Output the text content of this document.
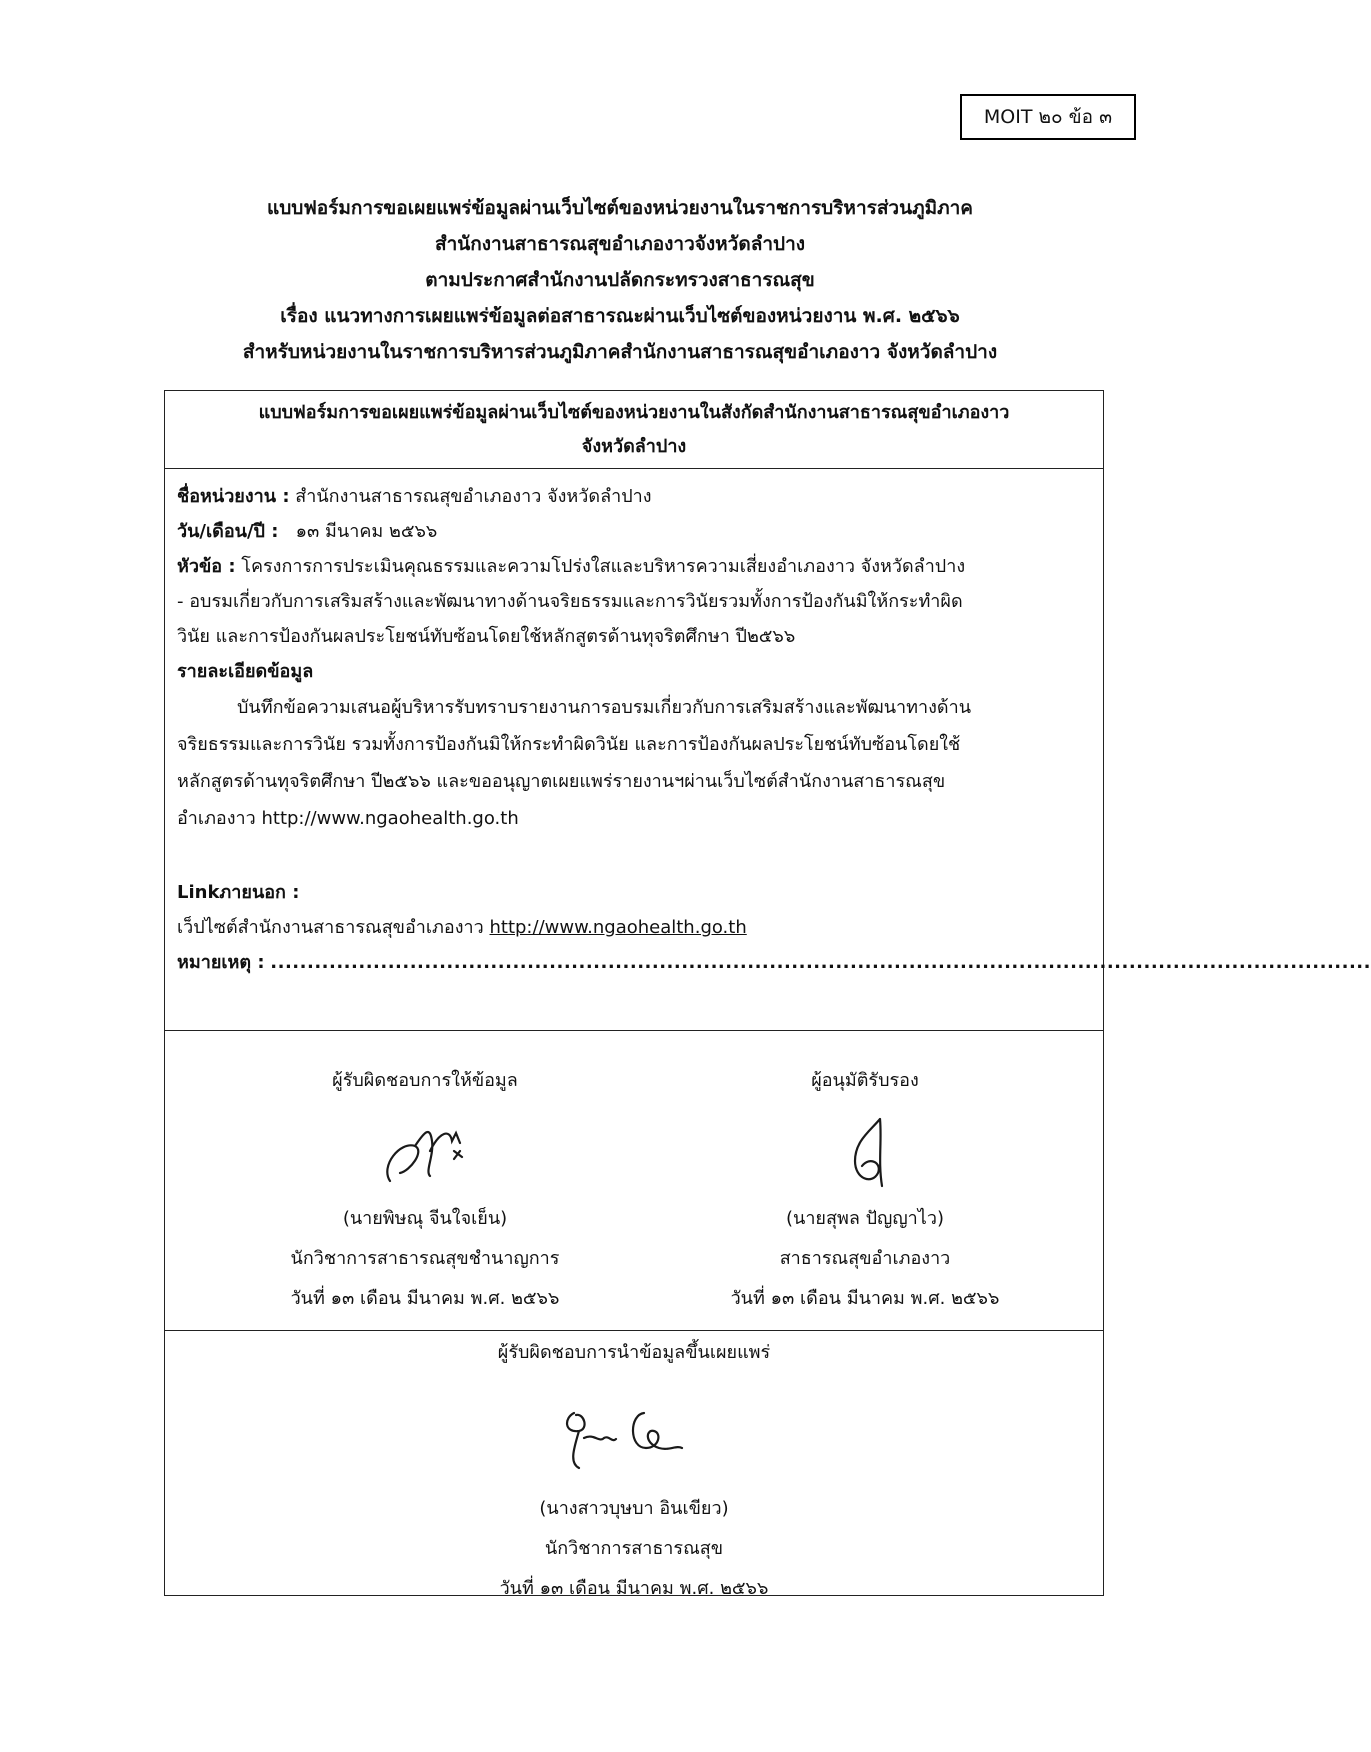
MOIT ๒๐ ข้อ ๓
แบบฟอร์มการขอเผยแพร่ข้อมูลผ่านเว็บไซต์ของหน่วยงานในราชการบริหารส่วนภูมิภาค
สำนักงานสาธารณสุขอำเภองาวจังหวัดลำปาง
ตามประกาศสำนักงานปลัดกระทรวงสาธารณสุข
เรื่อง แนวทางการเผยแพร่ข้อมูลต่อสาธารณะผ่านเว็บไซต์ของหน่วยงาน พ.ศ. ๒๕๖๖
สำหรับหน่วยงานในราชการบริหารส่วนภูมิภาคสำนักงานสาธารณสุขอำเภองาว จังหวัดลำปาง
แบบฟอร์มการขอเผยแพร่ข้อมูลผ่านเว็บไซต์ของหน่วยงานในสังกัดสำนักงานสาธารณสุขอำเภองาว
จังหวัดลำปาง
ชื่อหน่วยงาน : สำนักงานสาธารณสุขอำเภองาว จังหวัดลำปาง
วัน/เดือน/ปี : ๑๓ มีนาคม ๒๕๖๖
หัวข้อ : โครงการการประเมินคุณธรรมและความโปร่งใสและบริหารความเสี่ยงอำเภองาว จังหวัดลำปาง
- อบรมเกี่ยวกับการเสริมสร้างและพัฒนาทางด้านจริยธรรมและการวินัยรวมทั้งการป้องกันมิให้กระทำผิด
วินัย และการป้องกันผลประโยชน์ทับซ้อนโดยใช้หลักสูตรด้านทุจริตศึกษา ปี๒๕๖๖
รายละเอียดข้อมูล
บันทึกข้อความเสนอผู้บริหารรับทราบรายงานการอบรมเกี่ยวกับการเสริมสร้างและพัฒนาทางด้าน
จริยธรรมและการวินัย รวมทั้งการป้องกันมิให้กระทำผิดวินัย และการป้องกันผลประโยชน์ทับซ้อนโดยใช้
หลักสูตรด้านทุจริตศึกษา ปี๒๕๖๖ และขออนุญาตเผยแพร่รายงานฯผ่านเว็บไซต์สำนักงานสาธารณสุข
อำเภองาว http://www.ngaohealth.go.th
Linkภายนอก :
เว็ปไซต์สำนักงานสาธารณสุขอำเภองาว http://www.ngaohealth.go.th
หมายเหตุ : ......................................................................................................................................................
ผู้รับผิดชอบการให้ข้อมูล
(นายพิษณุ จีนใจเย็น)
นักวิชาการสาธารณสุขชำนาญการ
วันที่ ๑๓ เดือน มีนาคม พ.ศ. ๒๕๖๖
ผู้อนุมัติรับรอง
(นายสุพล ปัญญาไว)
สาธารณสุขอำเภองาว
วันที่ ๑๓ เดือน มีนาคม พ.ศ. ๒๕๖๖
ผู้รับผิดชอบการนำข้อมูลขึ้นเผยแพร่
(นางสาวบุษบา อินเขียว)
นักวิชาการสาธารณสุข
วันที่ ๑๓ เดือน มีนาคม พ.ศ. ๒๕๖๖
